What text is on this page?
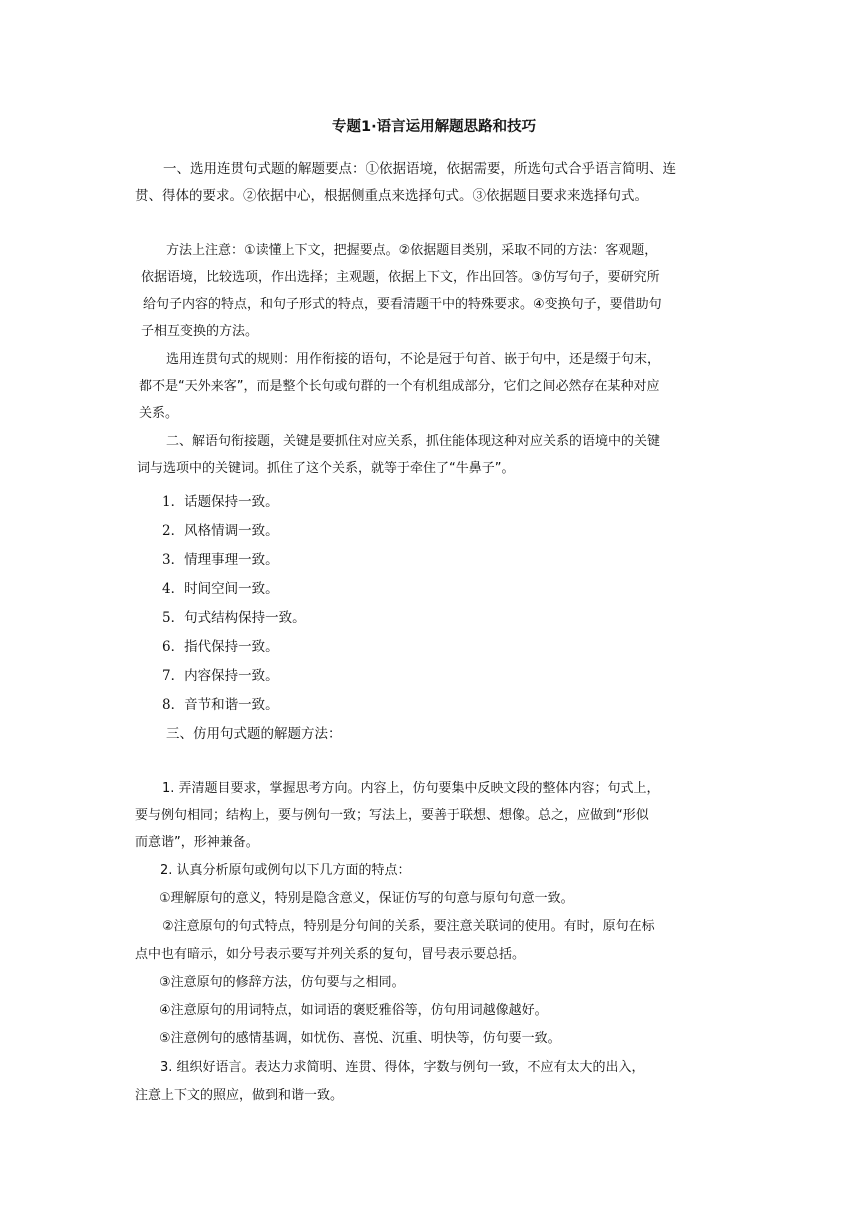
专题1·语言运用解题思路和技巧
一、选用连贯句式题的解题要点：①依据语境，依据需要，所选句式合乎语言简明、连
贯、得体的要求。②依据中心，根据侧重点来选择句式。③依据题目要求来选择句式。
方法上注意：①读懂上下文，把握要点。②依据题目类别，采取不同的方法：客观题，
依据语境，比较选项，作出选择；主观题，依据上下文，作出回答。③仿写句子，要研究所
给句子内容的特点，和句子形式的特点，要看清题干中的特殊要求。④变换句子，要借助句
子相互变换的方法。
选用连贯句式的规则：用作衔接的语句，不论是冠于句首、嵌于句中，还是缀于句末，
都不是“天外来客”，而是整个长句或句群的一个有机组成部分，它们之间必然存在某种对应
关系。
二、解语句衔接题，关键是要抓住对应关系，抓住能体现这种对应关系的语境中的关键
词与选项中的关键词。抓住了这个关系，就等于牵住了“牛鼻子”。
1．话题保持一致。
2．风格情调一致。
3．情理事理一致。
4．时间空间一致。
5．句式结构保持一致。
6．指代保持一致。
7．内容保持一致。
8．音节和谐一致。
三、仿用句式题的解题方法：
1. 弄清题目要求，掌握思考方向。内容上，仿句要集中反映文段的整体内容；句式上，
要与例句相同；结构上，要与例句一致；写法上，要善于联想、想像。总之，应做到“形似
而意谐”，形神兼备。
2. 认真分析原句或例句以下几方面的特点：
①理解原句的意义，特别是隐含意义，保证仿写的句意与原句句意一致。
②注意原句的句式特点，特别是分句间的关系，要注意关联词的使用。有时，原句在标
点中也有暗示，如分号表示要写并列关系的复句，冒号表示要总括。
③注意原句的修辞方法，仿句要与之相同。
④注意原句的用词特点，如词语的褒贬雅俗等，仿句用词越像越好。
⑤注意例句的感情基调，如忧伤、喜悦、沉重、明快等，仿句要一致。
3. 组织好语言。表达力求简明、连贯、得体，字数与例句一致，不应有太大的出入，
注意上下文的照应，做到和谐一致。
